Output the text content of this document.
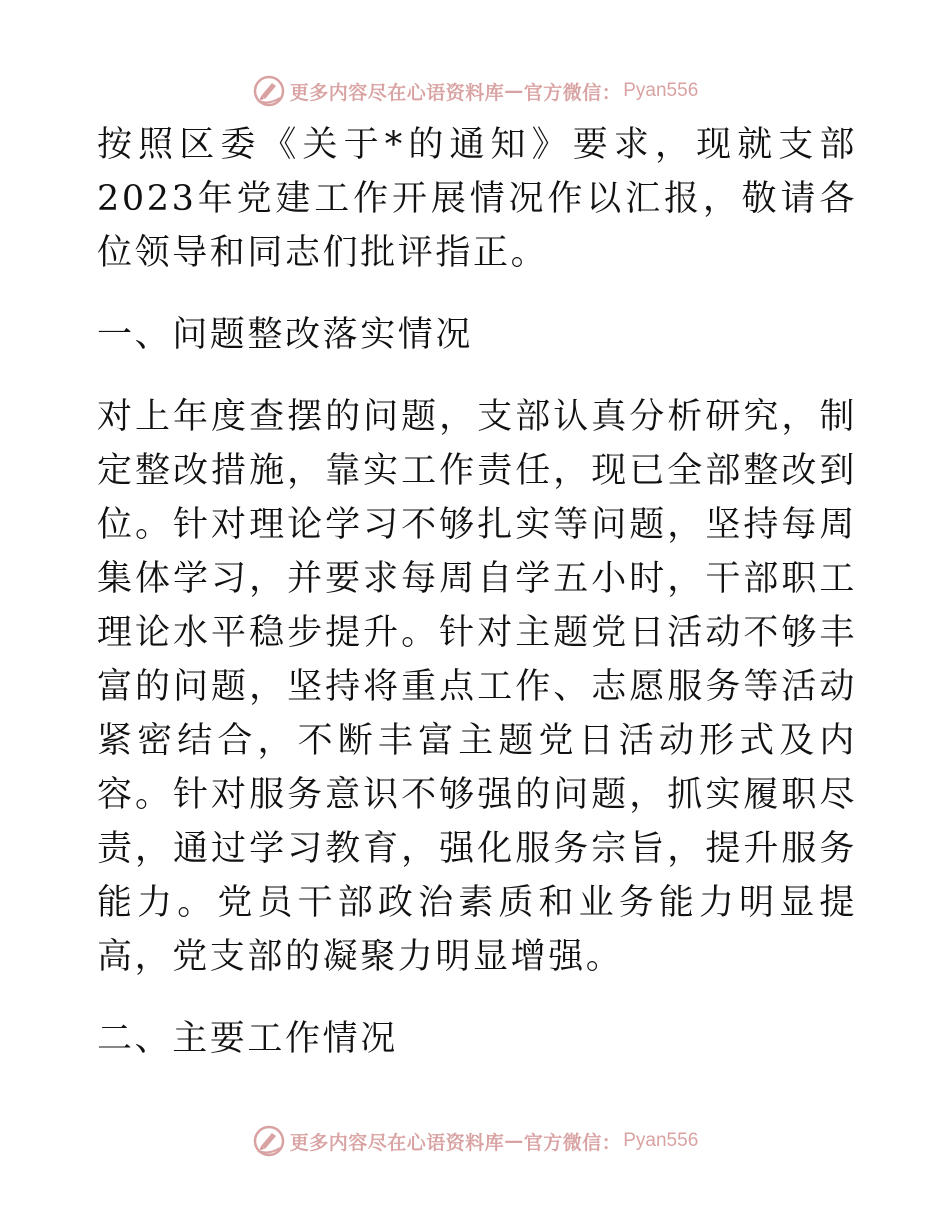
更多内容尽在心语资料库 — 官方微信： Pyan556

按照区委《关于*的通知》要求，现就支部2023年党建工作开展情况作以汇报，敬请各位领导和同志们批评指正。

一、问题整改落实情况

对上年度查摆的问题，支部认真分析研究，制定整改措施，靠实工作责任，现已全部整改到位。针对理论学习不够扎实等问题，坚持每周集体学习，并要求每周自学五小时，干部职工理论水平稳步提升。针对主题党日活动不够丰富的问题，坚持将重点工作、志愿服务等活动紧密结合，不断丰富主题党日活动形式及内容。针对服务意识不够强的问题，抓实履职尽责，通过学习教育，强化服务宗旨，提升服务能力。党员干部政治素质和业务能力明显提高，党支部的凝聚力明显增强。

二、主要工作情况

更多内容尽在心语资料库 — 官方微信： Pyan556
